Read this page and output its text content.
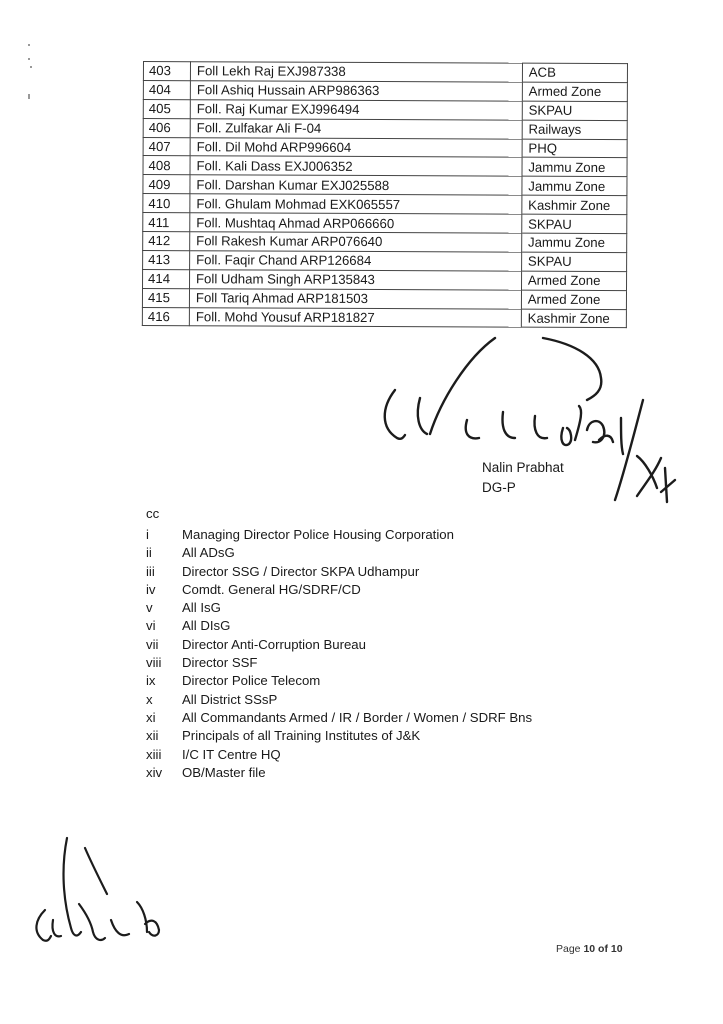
403	Foll Lekh Raj EXJ987338	ACB
404	Foll Ashiq Hussain ARP986363	Armed Zone
405	Foll. Raj Kumar EXJ996494	SKPAU
406	Foll. Zulfakar Ali F-04	Railways
407	Foll. Dil Mohd ARP996604	PHQ
408	Foll. Kali Dass EXJ006352	Jammu Zone
409	Foll. Darshan Kumar EXJ025588	Jammu Zone
410	Foll. Ghulam Mohmad EXK065557	Kashmir Zone
411	Foll. Mushtaq Ahmad ARP066660	SKPAU
412	Foll Rakesh Kumar ARP076640	Jammu Zone
413	Foll. Faqir Chand ARP126684	SKPAU
414	Foll Udham Singh ARP135843	Armed Zone
415	Foll Tariq Ahmad ARP181503	Armed Zone
416	Foll. Mohd Yousuf ARP181827	Kashmir Zone
31/X4
Nalin Prabhat
DG-P
cc
i	Managing Director Police Housing Corporation
ii	All ADsG
iii	Director SSG / Director SKPA Udhampur
iv	Comdt. General HG/SDRF/CD
v	All IsG
vi	All DIsG
vii	Director Anti-Corruption Bureau
viii	Director SSF
ix	Director Police Telecom
x	All District SSsP
xi	All Commandants Armed / IR / Border / Women / SDRF Bns
xii	Principals of all Training Institutes of J&K
xiii	I/C IT Centre HQ
xiv	OB/Master file
Page 10 of 10
